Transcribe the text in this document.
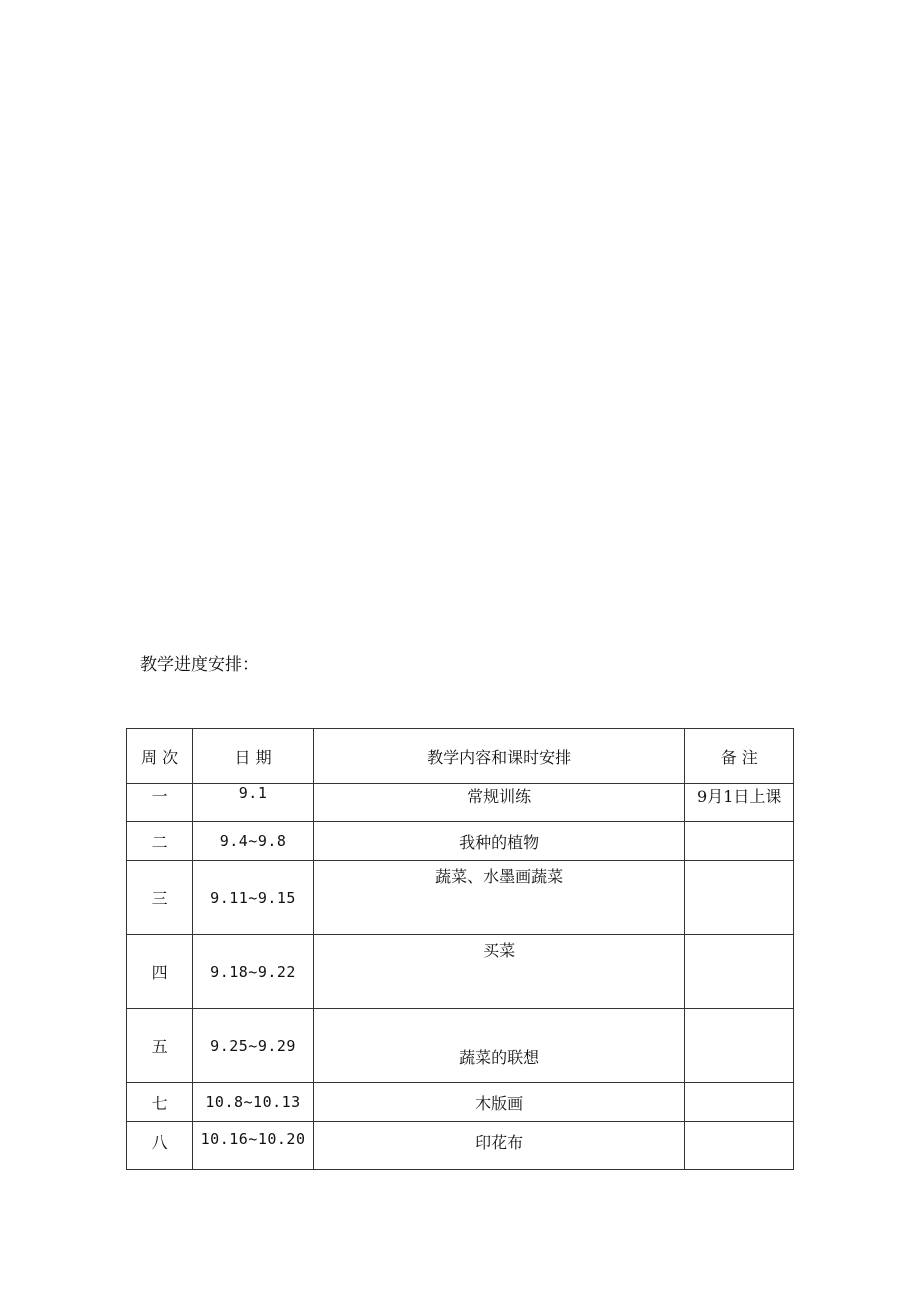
教学进度安排：
周 次	日 期	教学内容和课时安排	备 注
一	9.1	常规训练	9月1日上课
二	9.4~9.8	我种的植物	
三	9.11~9.15	蔬菜、水墨画蔬菜	
四	9.18~9.22	买菜	
五	9.25~9.29	蔬菜的联想	
七	10.8~10.13	木版画	
八	10.16~10.20	印花布	
